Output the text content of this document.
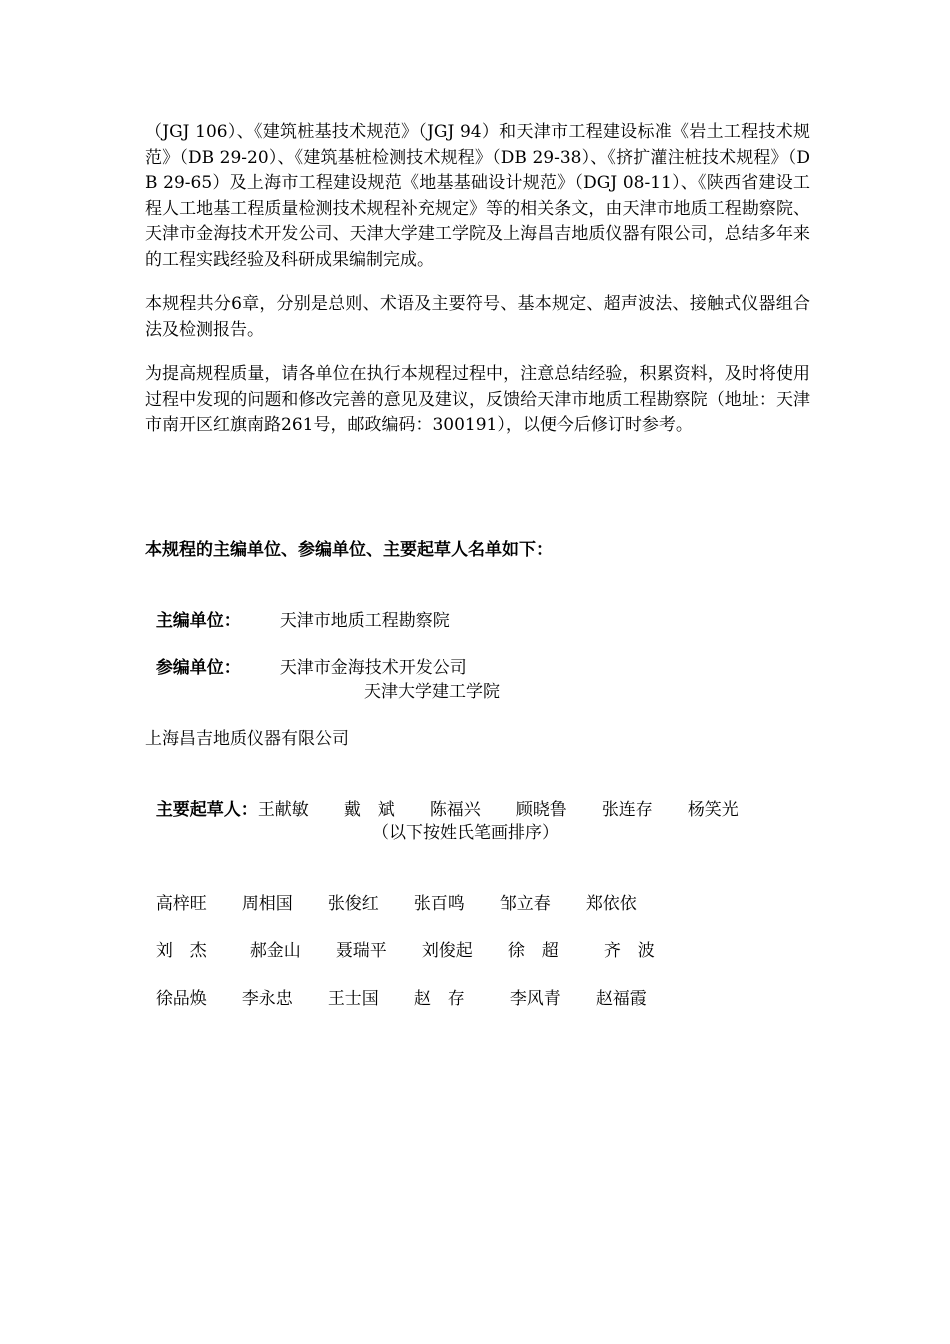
（JGJ 106）、《建筑桩基技术规范》（JGJ 94）和天津市工程建设标准《岩土工程技术规范》（DB 29-20）、《建筑基桩检测技术规程》（DB 29-38）、《挤扩灌注桩技术规程》（DB 29-65）及上海市工程建设规范《地基基础设计规范》（DGJ 08-11）、《陕西省建设工程人工地基工程质量检测技术规程补充规定》等的相关条文，由天津市地质工程勘察院、天津市金海技术开发公司、天津大学建工学院及上海昌吉地质仪器有限公司，总结多年来的工程实践经验及科研成果编制完成。

本规程共分6章，分别是总则、术语及主要符号、基本规定、超声波法、接触式仪器组合法及检测报告。

为提高规程质量，请各单位在执行本规程过程中，注意总结经验，积累资料，及时将使用过程中发现的问题和修改完善的意见及建议，反馈给天津市地质工程勘察院（地址：天津市南开区红旗南路261号，邮政编码：300191），以便今后修订时参考。

本规程的主编单位、参编单位、主要起草人名单如下：

主编单位： 天津市地质工程勘察院

参编单位： 天津市金海技术开发公司

天津大学建工学院
上海昌吉地质仪器有限公司

主要起草人：王献敏 戴　斌 陈福兴 顾晓鲁 张连存 杨笑光

（以下按姓氏笔画排序）

高梓旺 周相国 张俊红 张百鸣 邹立春 郑依依

刘　杰	郝金山 聂瑞平 刘俊起 徐　超	齐　波

徐品焕 李永忠 王士国 赵　存	李风青 赵福霞
